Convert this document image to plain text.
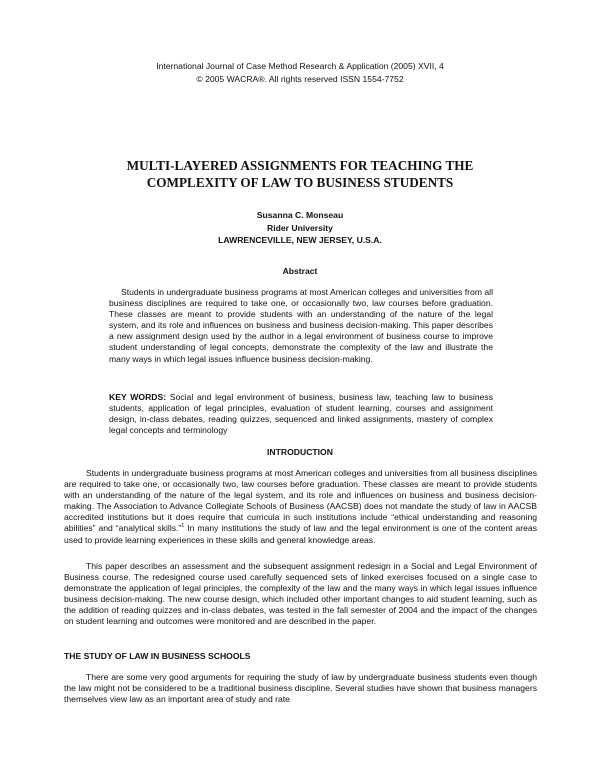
International Journal of Case Method Research & Application (2005) XVII, 4
© 2005 WACRA®. All rights reserved ISSN 1554-7752
MULTI-LAYERED ASSIGNMENTS FOR TEACHING THE
COMPLEXITY OF LAW TO BUSINESS STUDENTS
Susanna C. Monseau
Rider University
LAWRENCEVILLE, NEW JERSEY, U.S.A.
Abstract

Students in undergraduate business programs at most American colleges and universities from all business disciplines are required to take one, or occasionally two, law courses before graduation. These classes are meant to provide students with an understanding of the nature of the legal system, and its role and influences on business and business decision-making. This paper describes a new assignment design used by the author in a legal environment of business course to improve student understanding of legal concepts, demonstrate the complexity of the law and illustrate the many ways in which legal issues influence business decision-making.

KEY WORDS: Social and legal environment of business, business law, teaching law to business students, application of legal principles, evaluation of student learning, courses and assignment design, in-class debates, reading quizzes, sequenced and linked assignments, mastery of complex legal concepts and terminology

INTRODUCTION

Students in undergraduate business programs at most American colleges and universities from all business disciplines are required to take one, or occasionally two, law courses before graduation. These classes are meant to provide students with an understanding of the nature of the legal system, and its role and influences on business and business decision-making. The Association to Advance Collegiate Schools of Business (AACSB) does not mandate the study of law in AACSB accredited institutions but it does require that curricula in such institutions include “ethical understanding and reasoning abilities” and “analytical skills.”$^1$ In many institutions the study of law and the legal environment is one of the content areas used to provide learning experiences in these skills and general knowledge areas.

This paper describes an assessment and the subsequent assignment redesign in a Social and Legal Environment of Business course. The redesigned course used carefully sequenced sets of linked exercises focused on a single case to demonstrate the application of legal principles, the complexity of the law and the many ways in which legal issues influence business decision-making. The new course design, which included other important changes to aid student learning, such as the addition of reading quizzes and in-class debates, was tested in the fall semester of 2004 and the impact of the changes on student learning and outcomes were monitored and are described in the paper.

THE STUDY OF LAW IN BUSINESS SCHOOLS

There are some very good arguments for requiring the study of law by undergraduate business students even though the law might not be considered to be a traditional business discipline. Several studies have shown that business managers themselves view law as an important area of study and rate
